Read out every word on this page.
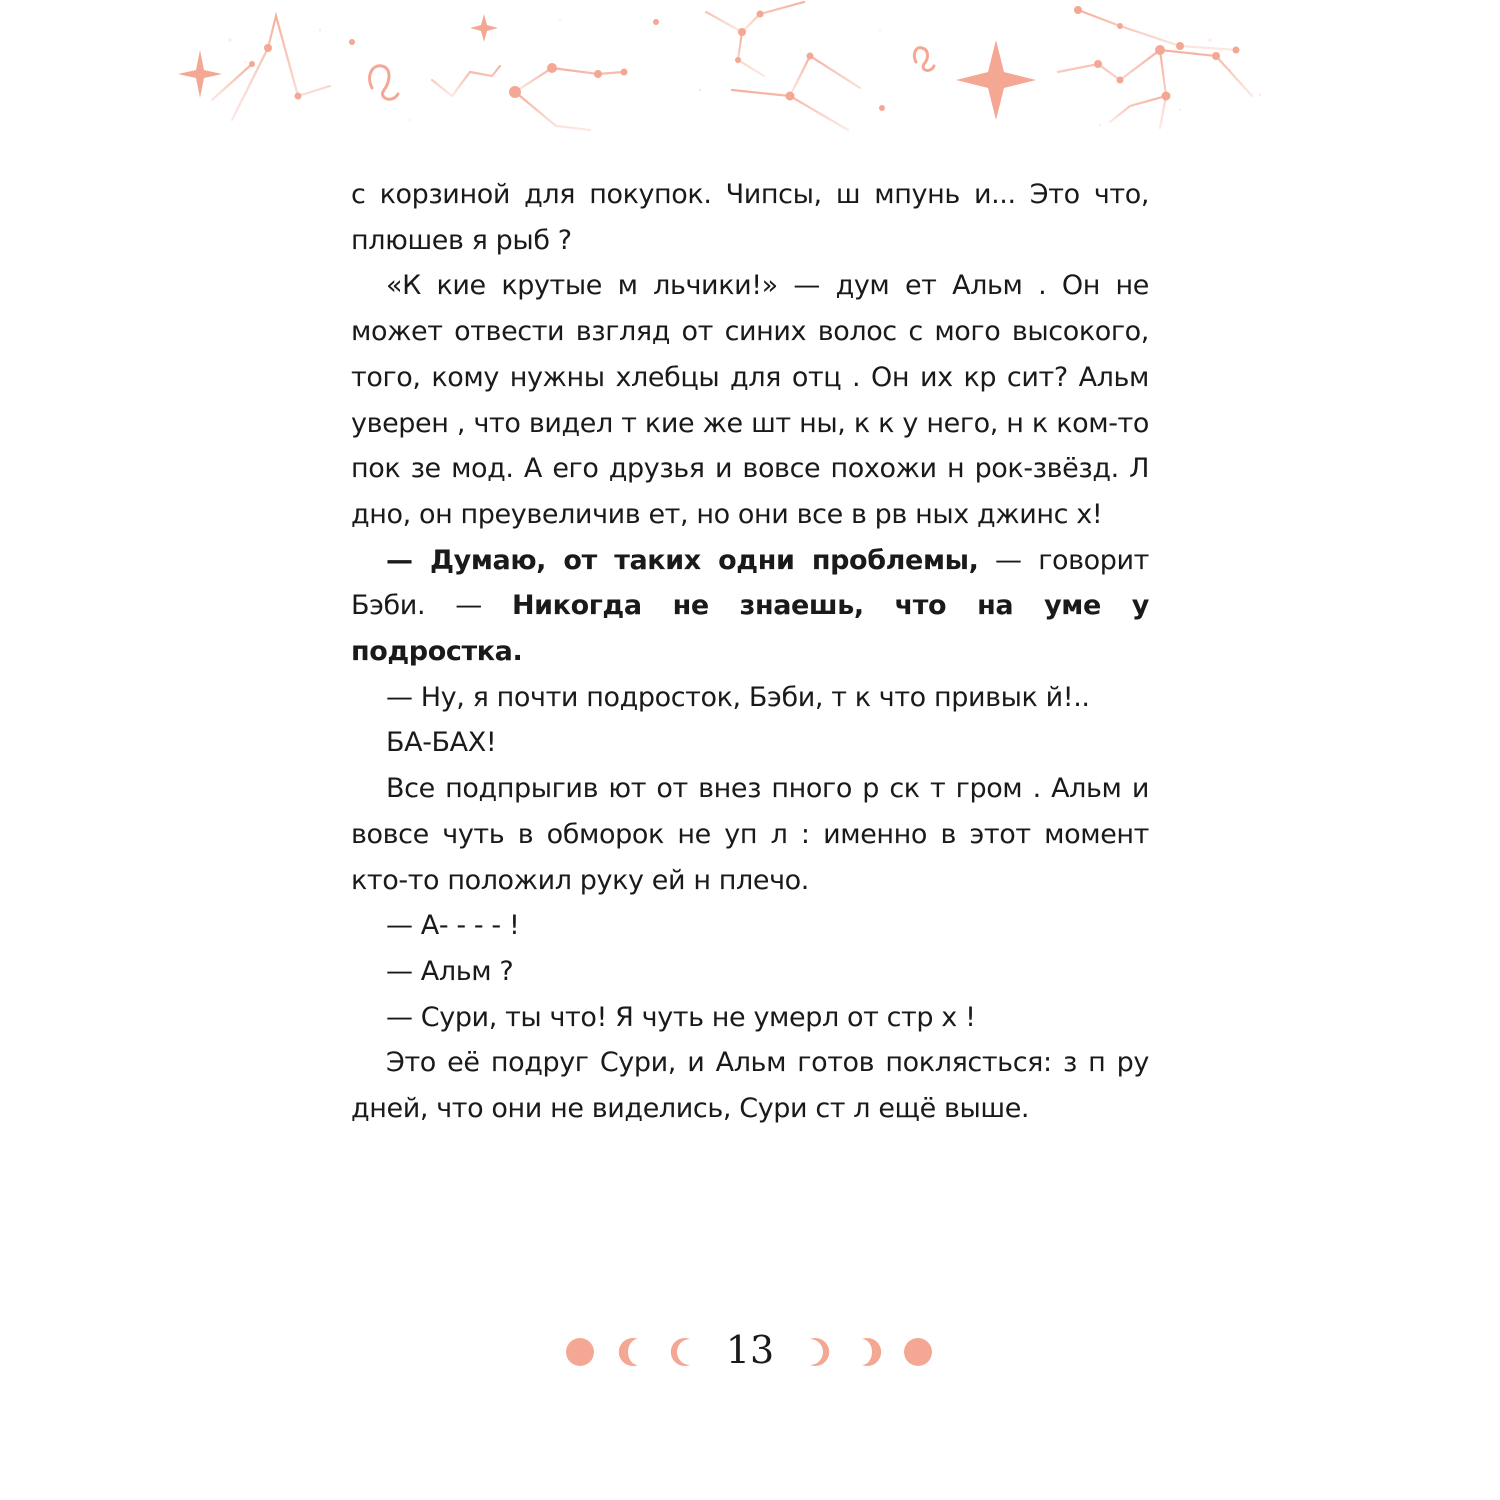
с корзиной для покупок. Чипсы, ш мпунь и... Это что, плюшев я рыб ?

«К кие крутые м льчики!» — дум ет Альм . Он не может отвести взгляд от синих волос с мого высокого, того, кому нужны хлебцы для отц . Он их кр сит? Альм уверен , что видел т кие же шт ны, к к у него, н к ком-то пок зе мод. А его друзья и вовсе похожи н рок-звёзд. Л дно, он преувеличив ет, но они все в рв ных джинс х!

— Думаю, от таких одни проблемы, — говорит Бэби. — Никогда не знаешь, что на уме у подростка.

— Ну, я почти подросток, Бэби, т к что привык й!..

БА-БАХ!

Все подпрыгив ют от внез пного р ск т гром . Альм и вовсе чуть в обморок не уп л : именно в этот момент кто-то положил руку ей н плечо.

— А- - - - !

— Альм ?

— Сури, ты что! Я чуть не умерл от стр х !

Это её подруг Сури, и Альм готов поклясться: з п ру дней, что они не виделись, Сури ст л ещё выше.

13
